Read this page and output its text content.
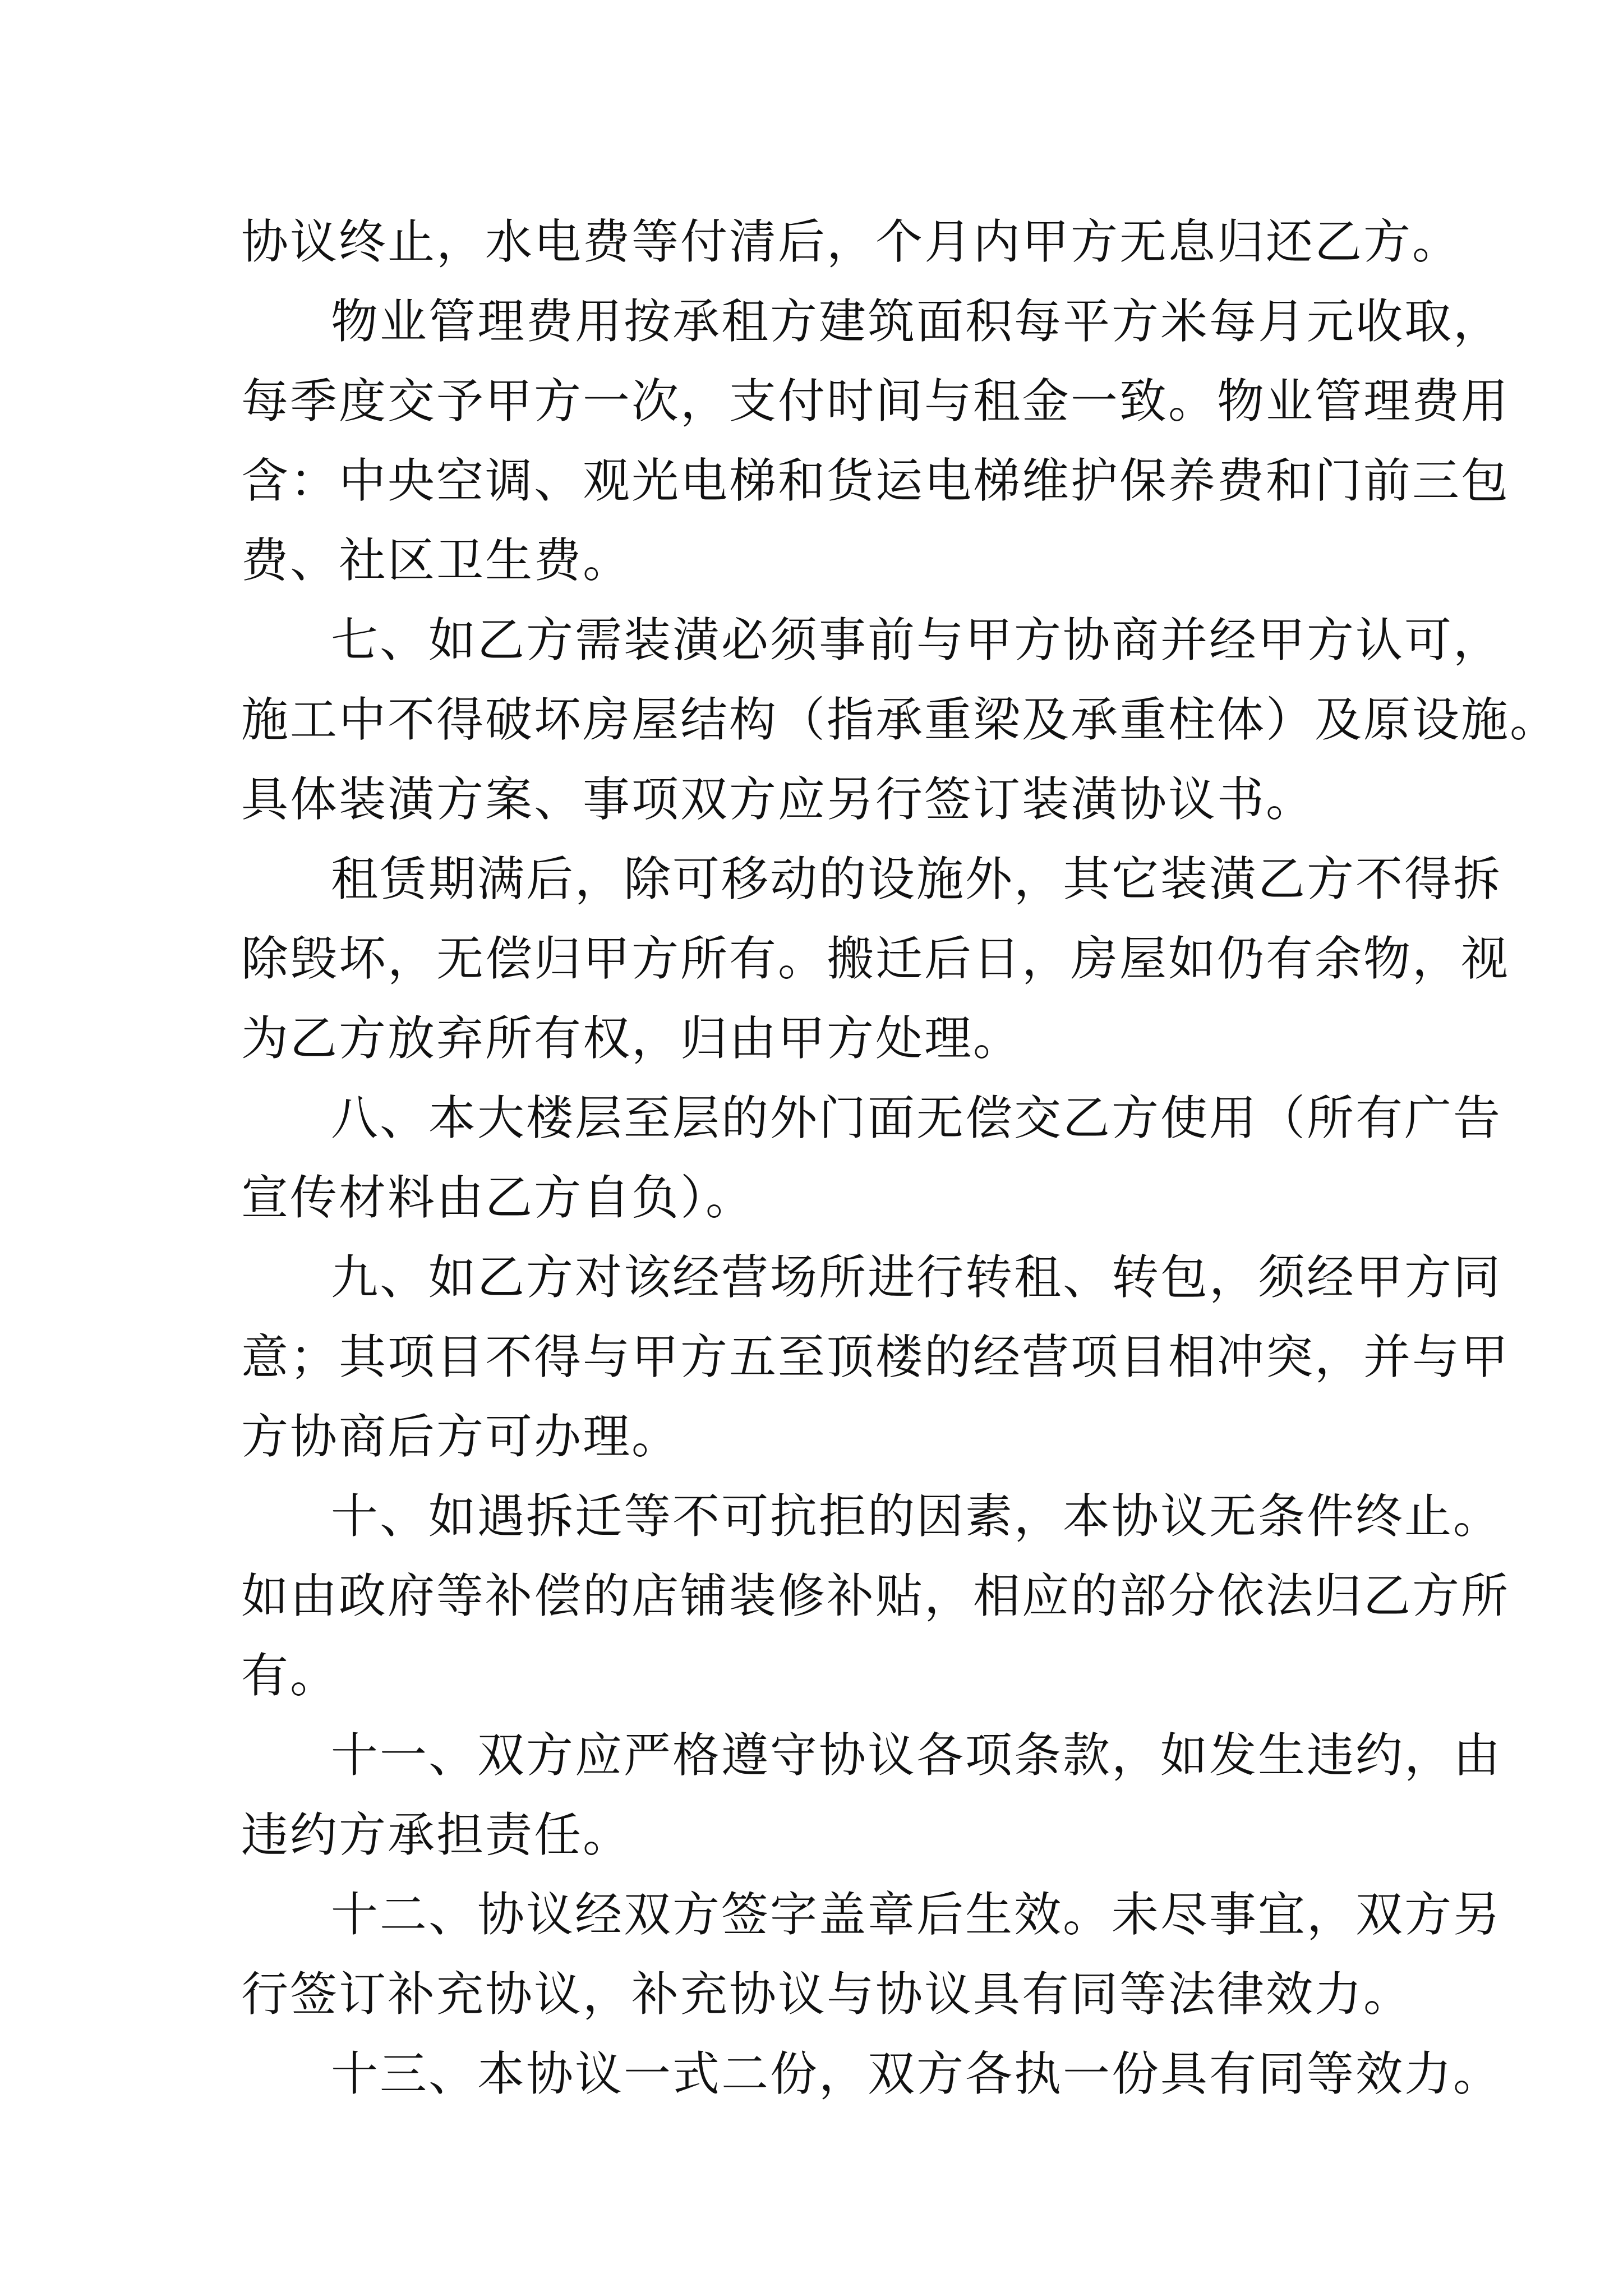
协议终止，水电费等付清后，个月内甲方无息归还乙方。
物业管理费用按承租方建筑面积每平方米每月元收取，
每季度交予甲方一次，支付时间与租金一致。物业管理费用
含：中央空调、观光电梯和货运电梯维护保养费和门前三包
费、社区卫生费。
七、如乙方需装潢必须事前与甲方协商并经甲方认可，
施工中不得破坏房屋结构（指承重梁及承重柱体）及原设施。
具体装潢方案、事项双方应另行签订装潢协议书。
租赁期满后，除可移动的设施外，其它装潢乙方不得拆
除毁坏，无偿归甲方所有。搬迁后日，房屋如仍有余物，视
为乙方放弃所有权，归由甲方处理。
八、本大楼层至层的外门面无偿交乙方使用（所有广告
宣传材料由乙方自负）。
九、如乙方对该经营场所进行转租、转包，须经甲方同
意；其项目不得与甲方五至顶楼的经营项目相冲突，并与甲
方协商后方可办理。
十、如遇拆迁等不可抗拒的因素，本协议无条件终止。
如由政府等补偿的店铺装修补贴，相应的部分依法归乙方所
有。
十一、双方应严格遵守协议各项条款，如发生违约，由
违约方承担责任。
十二、协议经双方签字盖章后生效。未尽事宜，双方另
行签订补充协议，补充协议与协议具有同等法律效力。
十三、本协议一式二份，双方各执一份具有同等效力。
